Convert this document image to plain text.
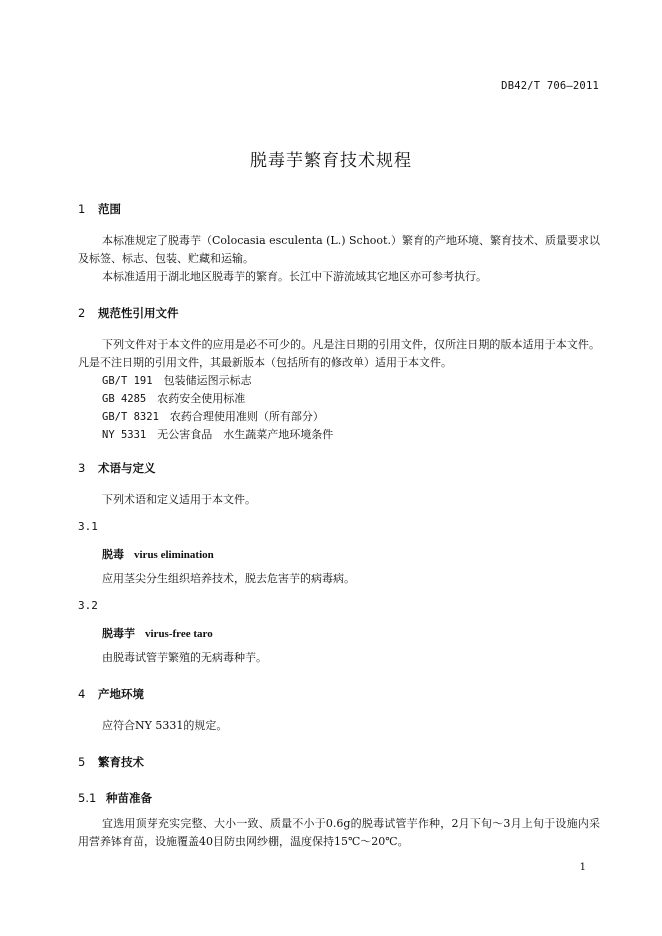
DB42/T 706—2011
脱毒芋繁育技术规程
1 范围
本标准规定了脱毒芋（Colocasia esculenta (L.) Schoot.）繁育的产地环境、繁育技术、质量要求以及标签、标志、包装、贮藏和运输。
本标准适用于湖北地区脱毒芋的繁育。长江中下游流域其它地区亦可参考执行。
2 规范性引用文件
下列文件对于本文件的应用是必不可少的。凡是注日期的引用文件，仅所注日期的版本适用于本文件。凡是不注日期的引用文件，其最新版本（包括所有的修改单）适用于本文件。
GB/T 191　 包装储运图示标志
GB 4285　 农药安全使用标准
GB/T 8321　 农药合理使用准则（所有部分）
NY 5331　 无公害食品　水生蔬菜产地环境条件
3 术语与定义
下列术语和定义适用于本文件。
3.1
脱毒 virus elimination
应用茎尖分生组织培养技术，脱去危害芋的病毒病。
3.2
脱毒芋 virus-free taro
由脱毒试管芋繁殖的无病毒种芋。
4 产地环境
应符合NY 5331的规定。
5 繁育技术
5.1 种苗准备
宜选用顶芽充实完整、大小一致、质量不小于0.6g的脱毒试管芋作种，2月下旬～3月上旬于设施内采用营养钵育苗，设施覆盖40目防虫网纱棚，温度保持15℃～20℃。
1
